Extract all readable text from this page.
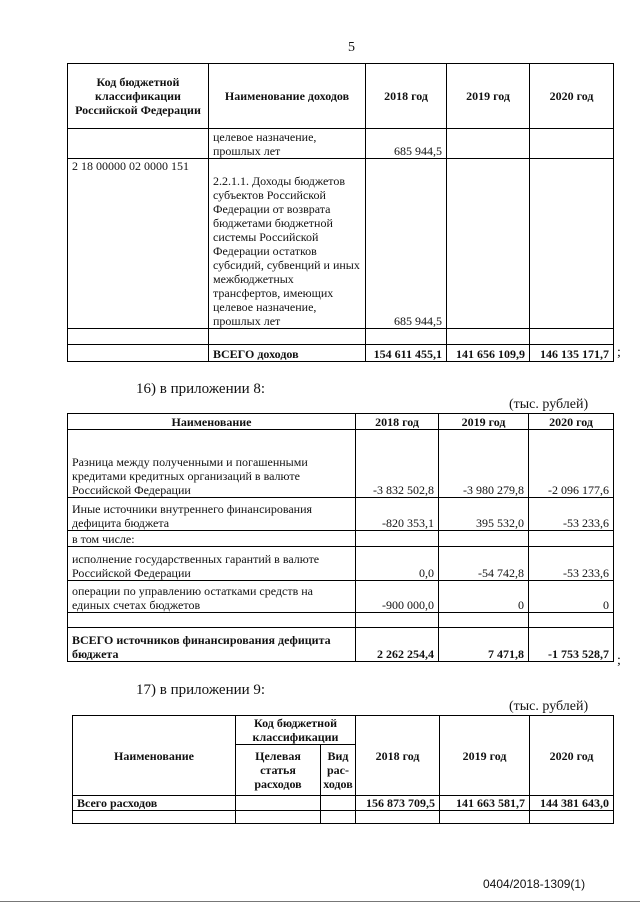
5
Код бюджетной классификации Российской Федерации	Наименование доходов	2018 год	2019 год	2020 год
	целевое назначение, прошлых лет	685 944,5		
2 18 00000 02 0000 151	2.2.1.1. Доходы бюджетов субъектов Российской Федерации от возврата бюджетами бюджетной системы Российской Федерации остатков субсидий, субвенций и иных межбюджетных трансфертов, имеющих целевое назначение, прошлых лет	685 944,5		

	ВСЕГО доходов	154 611 455,1	141 656 109,9	146 135 171,7 ;
16) в приложении 8:
(тыс. рублей)
Наименование	2018 год	2019 год	2020 год
Разница между полученными и погашенными кредитами кредитных организаций в валюте Российской Федерации	-3 832 502,8	-3 980 279,8	-2 096 177,6
Иные источники внутреннего финансирования дефицита бюджета	-820 353,1	395 532,0	-53 233,6
в том числе:			
исполнение государственных гарантий в валюте Российской Федерации	0,0	-54 742,8	-53 233,6
операции по управлению остатками средств на единых счетах бюджетов	-900 000,0	0	0

ВСЕГО источников финансирования дефицита бюджета	2 262 254,4	7 471,8	-1 753 528,7 ;
17) в приложении 9:
(тыс. рублей)
Наименование	Код бюджетной классификации		2018 год	2019 год	2020 год
	Целевая статья расходов	Вид рас-ходов			
Всего расходов			156 873 709,5	141 663 581,7	144 381 643,0

0404/2018-1309(1)
